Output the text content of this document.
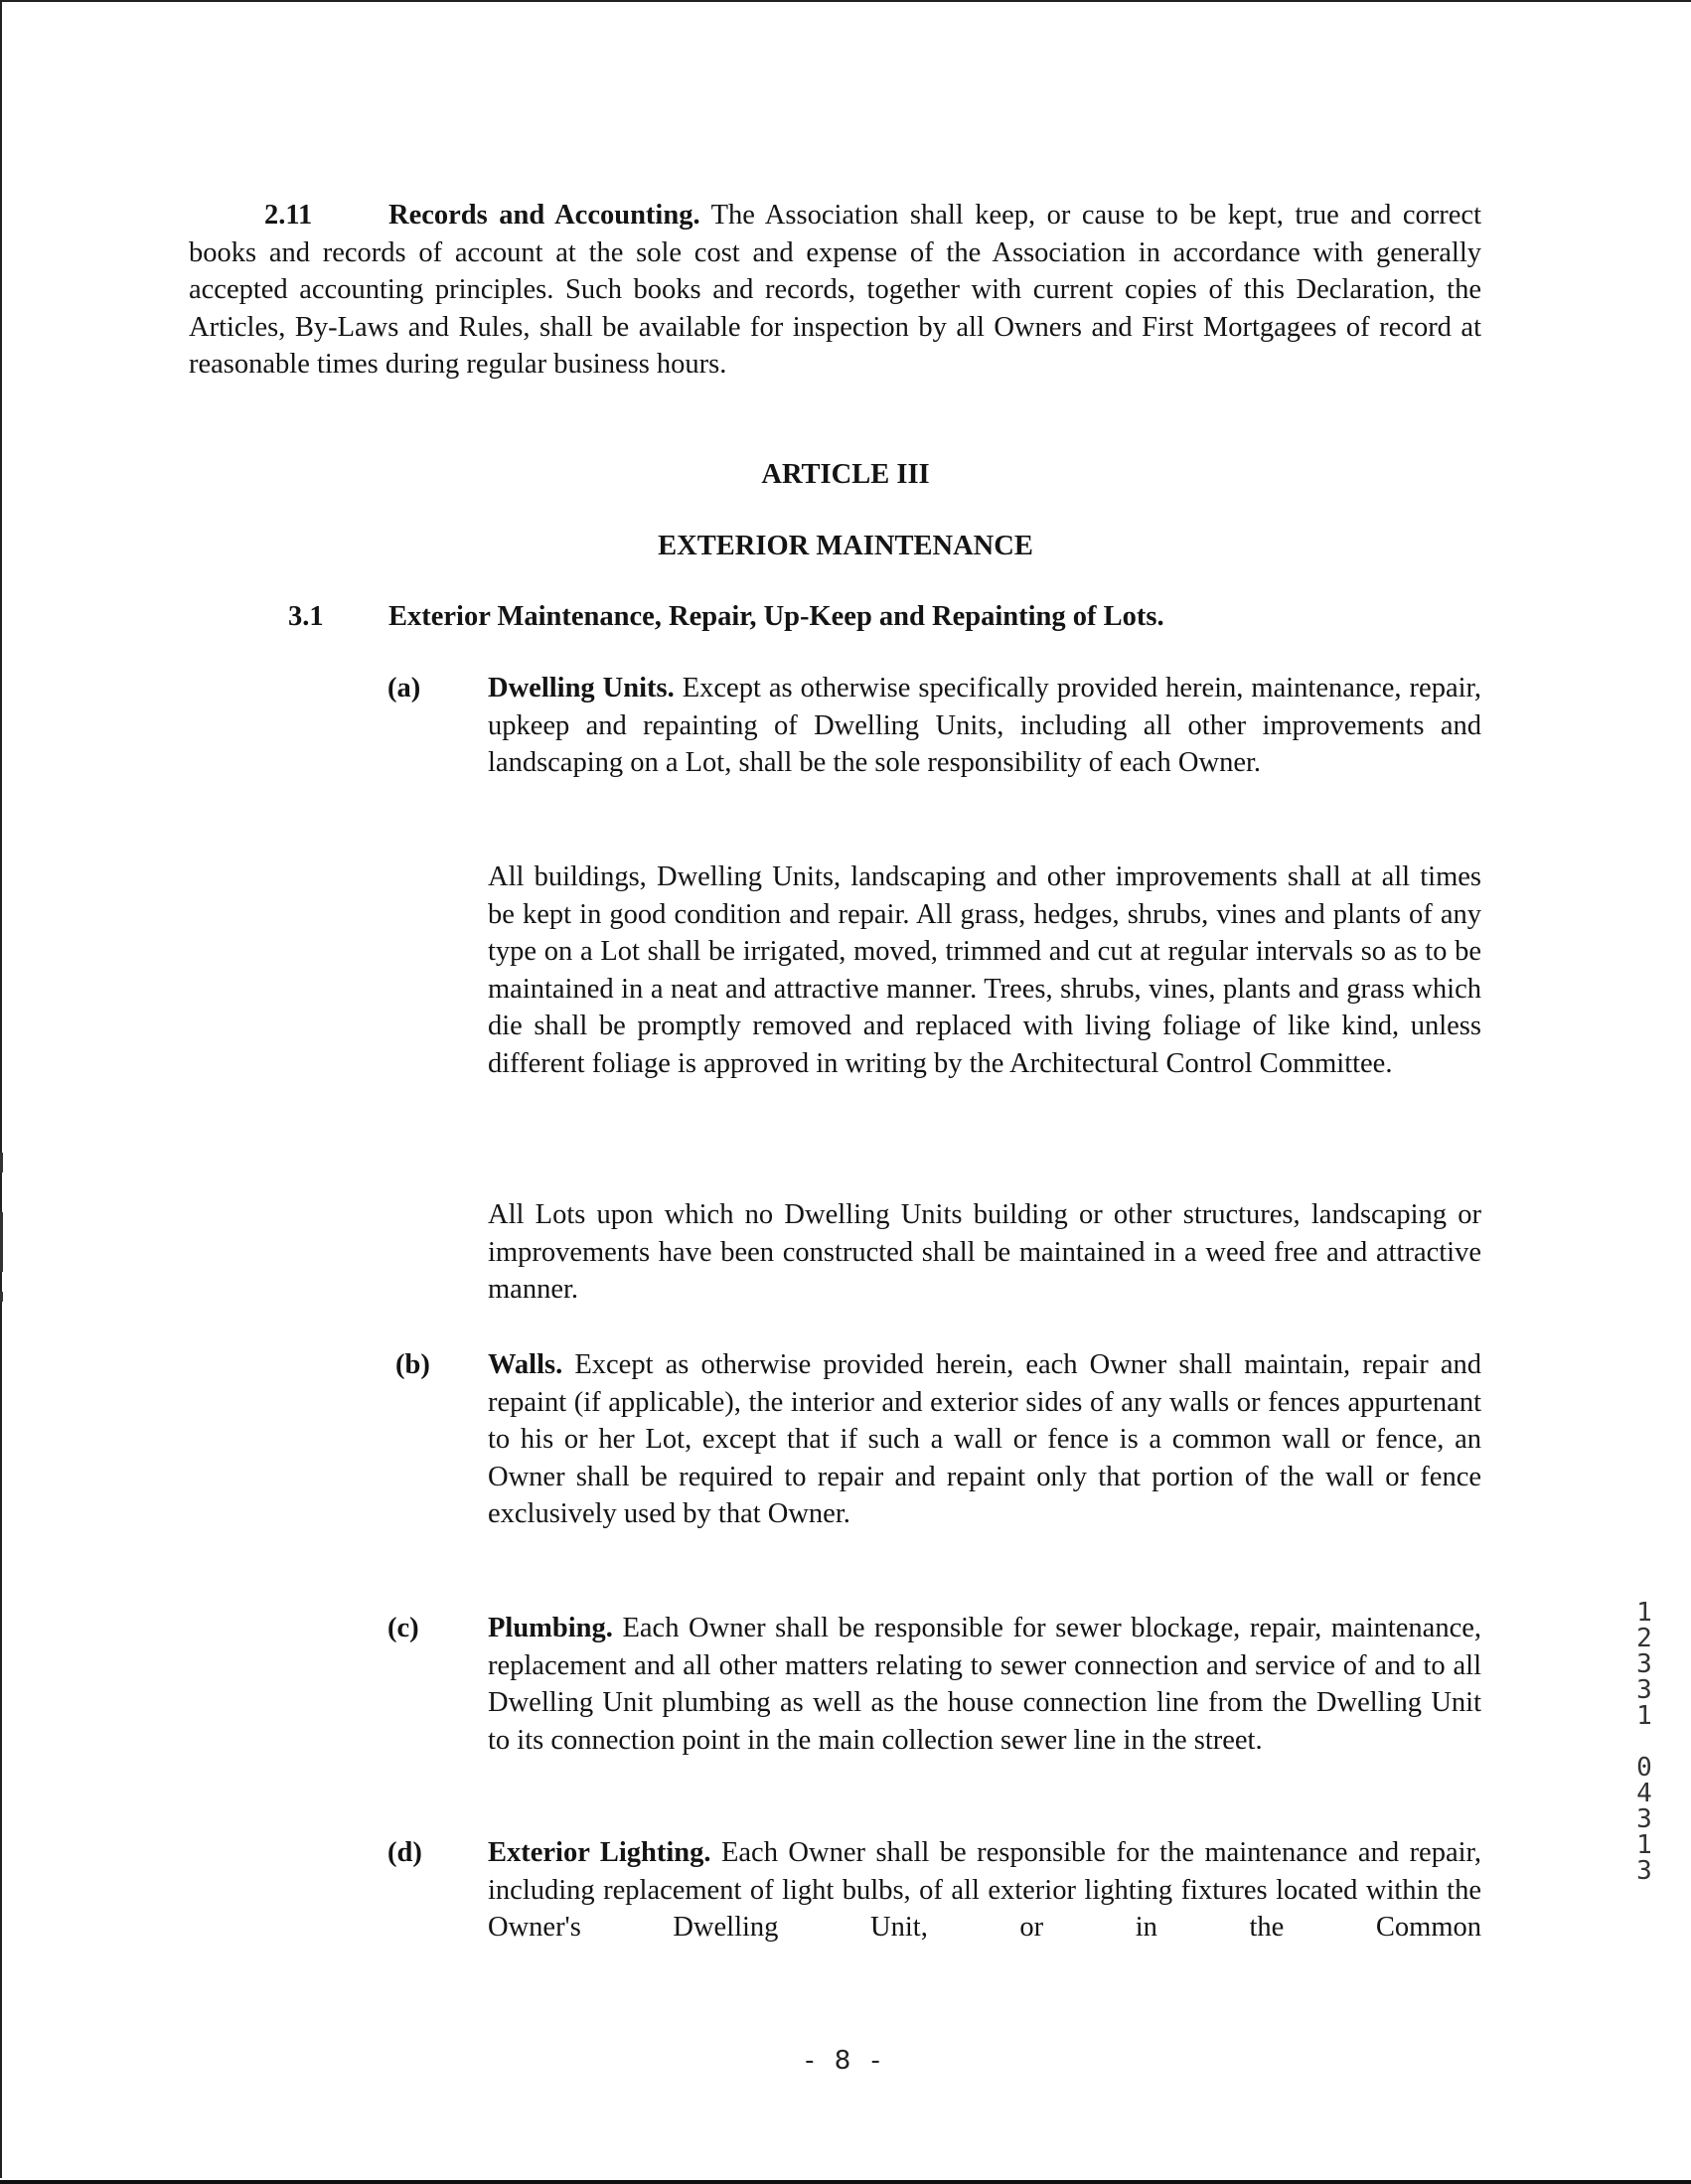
2.11	Records and Accounting. The Association shall keep, or cause to be kept, true and correct books and records of account at the sole cost and expense of the Association in accordance with generally accepted accounting principles. Such books and records, together with current copies of this Declaration, the Articles, By-Laws and Rules, shall be available for inspection by all Owners and First Mortgagees of record at reasonable times during regular business hours.

ARTICLE III
EXTERIOR MAINTENANCE
3.1 Exterior Maintenance, Repair, Up-Keep and Repainting of Lots.
(a) Dwelling Units. Except as otherwise specifically provided herein, maintenance, repair, upkeep and repainting of Dwelling Units, including all other improvements and landscaping on a Lot, shall be the sole responsibility of each Owner.

All buildings, Dwelling Units, landscaping and other improvements shall at all times be kept in good condition and repair. All grass, hedges, shrubs, vines and plants of any type on a Lot shall be irrigated, moved, trimmed and cut at regular intervals so as to be maintained in a neat and attractive manner. Trees, shrubs, vines, plants and grass which die shall be promptly removed and replaced with living foliage of like kind, unless different foliage is approved in writing by the Architectural Control Committee.

All Lots upon which no Dwelling Units building or other structures, landscaping or improvements have been constructed shall be maintained in a weed free and attractive manner.

(b) Walls. Except as otherwise provided herein, each Owner shall maintain, repair and repaint (if applicable), the interior and exterior sides of any walls or fences appurtenant to his or her Lot, except that if such a wall or fence is a common wall or fence, an Owner shall be required to repair and repaint only that portion of the wall or fence exclusively used by that Owner.

(c) Plumbing. Each Owner shall be responsible for sewer blockage, repair, maintenance, replacement and all other matters relating to sewer connection and service of and to all Dwelling Unit plumbing as well as the house connection line from the Dwelling Unit to its connection point in the main collection sewer line in the street.

(d) Exterior Lighting. Each Owner shall be responsible for the maintenance and repair, including replacement of light bulbs, of all exterior lighting fixtures located within the Owner's Dwelling Unit, or in the Common

1
2
3
3
1
0
4
3
1
3
- 8 -
